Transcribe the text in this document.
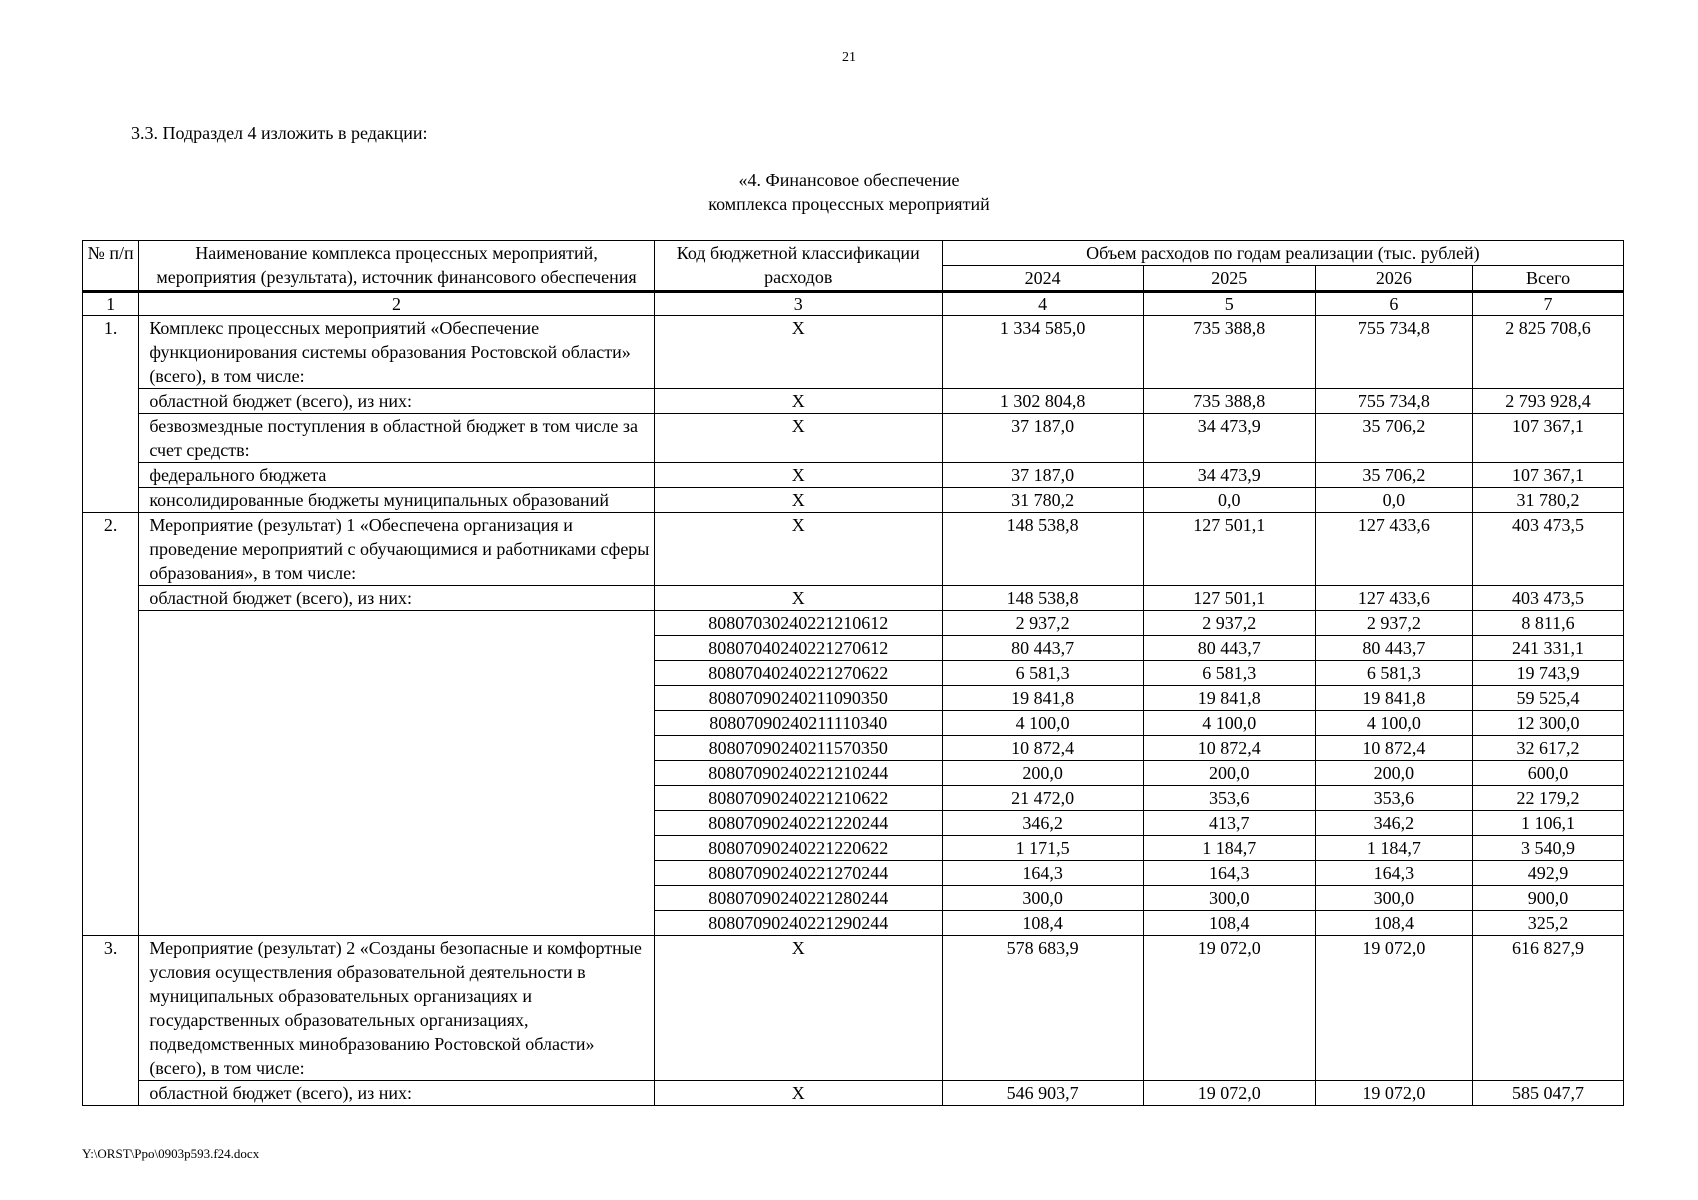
21
3.3. Подраздел 4 изложить в редакции:
«4. Финансовое обеспечение
комплекса процессных мероприятий
№ п/п	Наименование комплекса процессных мероприятий, мероприятия (результата), источник финансового обеспечения	Код бюджетной классификации расходов	Объем расходов по годам реализации (тыс. рублей)			
			2024	2025	2026	Всего
1	2	3	4	5	6	7
1.	Комплекс процессных мероприятий «Обеспечение функционирования системы образования Ростовской области» (всего), в том числе:	Х	1 334 585,0	735 388,8	755 734,8	2 825 708,6
	областной бюджет (всего), из них:	Х	1 302 804,8	735 388,8	755 734,8	2 793 928,4
	безвозмездные поступления в областной бюджет в том числе за счет средств:	Х	37 187,0	34 473,9	35 706,2	107 367,1
	федерального бюджета	Х	37 187,0	34 473,9	35 706,2	107 367,1
	консолидированные бюджеты муниципальных образований	Х	31 780,2	0,0	0,0	31 780,2
2.	Мероприятие (результат) 1 «Обеспечена организация и проведение мероприятий с обучающимися и работниками сферы образования», в том числе:	Х	148 538,8	127 501,1	127 433,6	403 473,5
	областной бюджет (всего), из них:	Х	148 538,8	127 501,1	127 433,6	403 473,5
		80807030240221210612	2 937,2	2 937,2	2 937,2	8 811,6
		80807040240221270612	80 443,7	80 443,7	80 443,7	241 331,1
		80807040240221270622	6 581,3	6 581,3	6 581,3	19 743,9
		80807090240211090350	19 841,8	19 841,8	19 841,8	59 525,4
		80807090240211110340	4 100,0	4 100,0	4 100,0	12 300,0
		80807090240211570350	10 872,4	10 872,4	10 872,4	32 617,2
		80807090240221210244	200,0	200,0	200,0	600,0
		80807090240221210622	21 472,0	353,6	353,6	22 179,2
		80807090240221220244	346,2	413,7	346,2	1 106,1
		80807090240221220622	1 171,5	1 184,7	1 184,7	3 540,9
		80807090240221270244	164,3	164,3	164,3	492,9
		80807090240221280244	300,0	300,0	300,0	900,0
		80807090240221290244	108,4	108,4	108,4	325,2
3.	Мероприятие (результат) 2 «Созданы безопасные и комфортные условия осуществления образовательной деятельности в муниципальных образовательных организациях и государственных образовательных организациях, подведомственных минобразованию Ростовской области» (всего), в том числе:	Х	578 683,9	19 072,0	19 072,0	616 827,9
	областной бюджет (всего), из них:	Х	546 903,7	19 072,0	19 072,0	585 047,7
Y:\ORST\Ppo\0903p593.f24.docx
